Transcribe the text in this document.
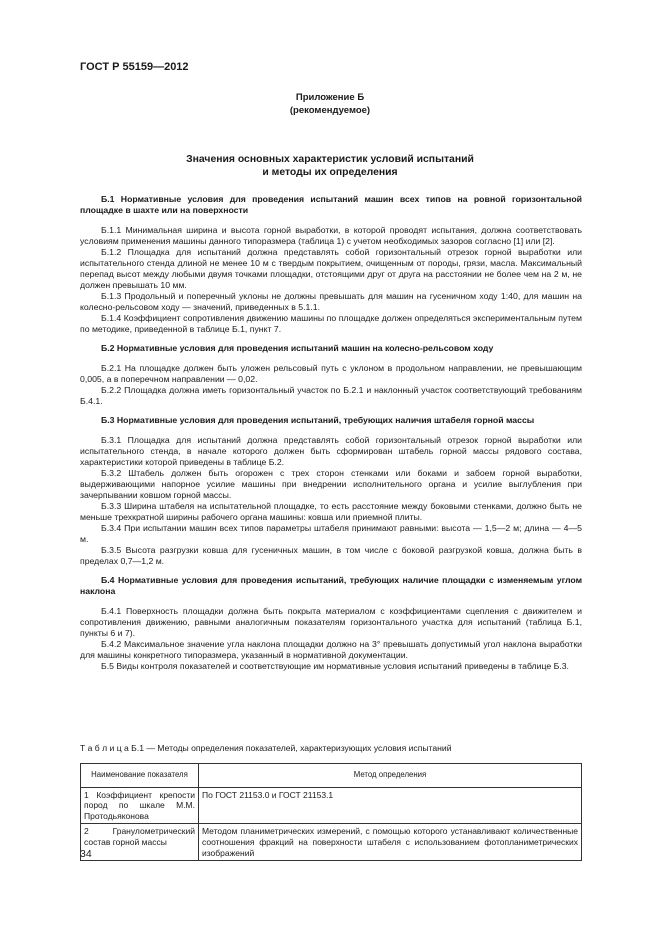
ГОСТ Р 55159—2012
Приложение Б
(рекомендуемое)
Значения основных характеристик условий испытаний
и методы их определения
Б.1 Нормативные условия для проведения испытаний машин всех типов на ровной горизонтальной площадке в шахте или на поверхности

Б.1.1 Минимальная ширина и высота горной выработки, в которой проводят испытания, должна соответствовать условиям применения машины данного типоразмера (таблица 1) с учетом необходимых зазоров согласно [1] или [2].

Б.1.2 Площадка для испытаний должна представлять собой горизонтальный отрезок горной выработки или испытательного стенда длиной не менее 10 м с твердым покрытием, очищенным от породы, грязи, масла. Максимальный перепад высот между любыми двумя точками площадки, отстоящими друг от друга на расстоянии не более чем на 2 м, не должен превышать 10 мм.

Б.1.3 Продольный и поперечный уклоны не должны превышать для машин на гусеничном ходу 1:40, для машин на колесно-рельсовом ходу — значений, приведенных в 5.1.1.

Б.1.4 Коэффициент сопротивления движению машины по площадке должен определяться экспериментальным путем по методике, приведенной в таблице Б.1, пункт 7.

Б.2 Нормативные условия для проведения испытаний машин на колесно-рельсовом ходу

Б.2.1 На площадке должен быть уложен рельсовый путь с уклоном в продольном направлении, не превышающим 0,005, а в поперечном направлении — 0,02.

Б.2.2 Площадка должна иметь горизонтальный участок по Б.2.1 и наклонный участок соответствующий требованиям Б.4.1.

Б.3 Нормативные условия для проведения испытаний, требующих наличия штабеля горной массы

Б.3.1 Площадка для испытаний должна представлять собой горизонтальный отрезок горной выработки или испытательного стенда, в начале которого должен быть сформирован штабель горной массы рядового состава, характеристики которой приведены в таблице Б.2.

Б.3.2 Штабель должен быть огорожен с трех сторон стенками или боками и забоем горной выработки, выдерживающими напорное усилие машины при внедрении исполнительного органа и усилие выглубления при зачерпывании ковшом горной массы.

Б.3.3 Ширина штабеля на испытательной площадке, то есть расстояние между боковыми стенками, должно быть не меньше трехкратной ширины рабочего органа машины: ковша или приемной плиты.

Б.3.4 При испытании машин всех типов параметры штабеля принимают равными: высота — 1,5—2 м; длина — 4—5 м.

Б.3.5 Высота разгрузки ковша для гусеничных машин, в том числе с боковой разгрузкой ковша, должна быть в пределах 0,7—1,2 м.

Б.4 Нормативные условия для проведения испытаний, требующих наличие площадки с изменяемым углом наклона

Б.4.1 Поверхность площадки должна быть покрыта материалом с коэффициентами сцепления с движителем и сопротивления движению, равными аналогичным показателям горизонтального участка для испытаний (таблица Б.1, пункты 6 и 7).

Б.4.2 Максимальное значение угла наклона площадки должно на 3° превышать допустимый угол наклона выработки для машины конкретного типоразмера, указанный в нормативной документации.

Б.5 Виды контроля показателей и соответствующие им нормативные условия испытаний приведены в таблице Б.3.

Т а б л и ц а Б.1 — Методы определения показателей, характеризующих условия испытаний
Наименование показателя	Метод определения
1 Коэффициент крепости пород по шкале М.М. Протодьяконова	По ГОСТ 21153.0 и ГОСТ 21153.1
2 Гранулометрический состав горной массы	Методом планиметрических измерений, с помощью которого устанавливают количественные соотношения фракций на поверхности штабеля с использованием фотопланиметрических изображений
34
